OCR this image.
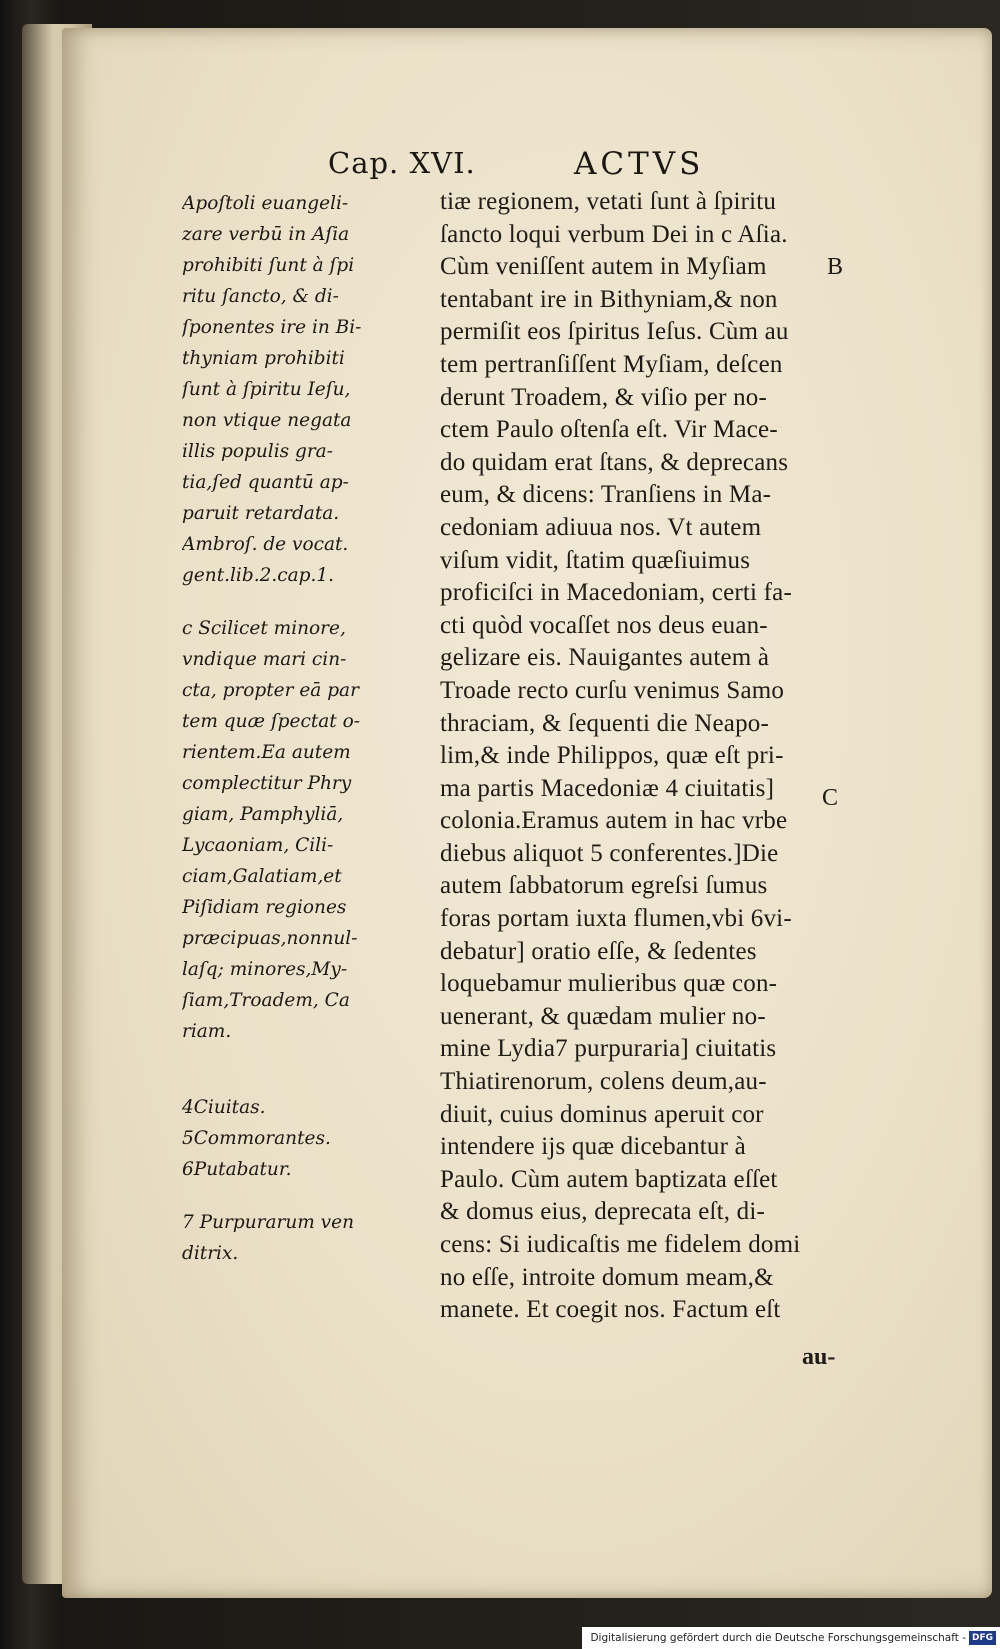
Cap. XVI.	ACTVS
Apoſtoli euangeli-
zare verbū in Aſia
prohibiti ſunt à ſpi
ritu ſancto, & di-
ſponentes ire in Bi-
thyniam prohibiti
ſunt à ſpiritu Ieſu,
non vtique negata
illis populis gra-
tia,ſed quantū ap-
paruit retardata.
Ambroſ. de vocat.
gent.lib.2.cap.1.
c Scilicet minore,
vndique mari cin-
cta, propter eā par
tem quæ ſpectat o-
rientem.Ea autem
complectitur Phry
giam, Pamphyliā,
Lycaoniam, Cili-
ciam,Galatiam,et
Piſidiam regiones
præcipuas,nonnul-
laſq; minores,My-
ſiam,Troadem, Ca
riam.
4Ciuitas.
5Commorantes.
6Putabatur.
7 Purpurarum ven
ditrix.
tiæ regionem, vetati ſunt à ſpiritu
ſancto loqui verbum Dei in c Aſia.
Cùm veniſſent autem in Myſiam
tentabant ire in Bithyniam,& non
permiſit eos ſpiritus Ieſus. Cùm au
tem pertranſiſſent Myſiam, deſcen
derunt Troadem, & viſio per no-
ctem Paulo oſtenſa eſt. Vir Mace-
do quidam erat ſtans, & deprecans
eum, & dicens: Tranſiens in Ma-
cedoniam adiuua nos. Vt autem
viſum vidit, ſtatim quæſiuimus
proficiſci in Macedoniam, certi fa-
cti quòd vocaſſet nos deus euan-
gelizare eis. Nauigantes autem à
Troade recto curſu venimus Samo
thraciam, & ſequenti die Neapo-
lim,& inde Philippos, quæ eſt pri-
ma partis Macedoniæ 4 ciuitatis]
colonia.Eramus autem in hac vrbe
diebus aliquot 5 conferentes.]Die
autem ſabbatorum egreſsi ſumus
foras portam iuxta flumen,vbi 6vi-
debatur] oratio eſſe, & ſedentes
loquebamur mulieribus quæ con-
uenerant, & quædam mulier no-
mine Lydia7 purpuraria] ciuitatis
Thiatirenorum, colens deum,au-
diuit, cuius dominus aperuit cor
intendere ijs quæ dicebantur à
Paulo. Cùm autem baptizata eſſet
& domus eius, deprecata eſt, di-
cens: Si iudicaſtis me fidelem domi
no eſſe, introite domum meam,&
manete. Et coegit nos. Factum eſt
B
C
au-
Digitalisierung gefördert durch die Deutsche Forschungsgemeinschaft - DFG
